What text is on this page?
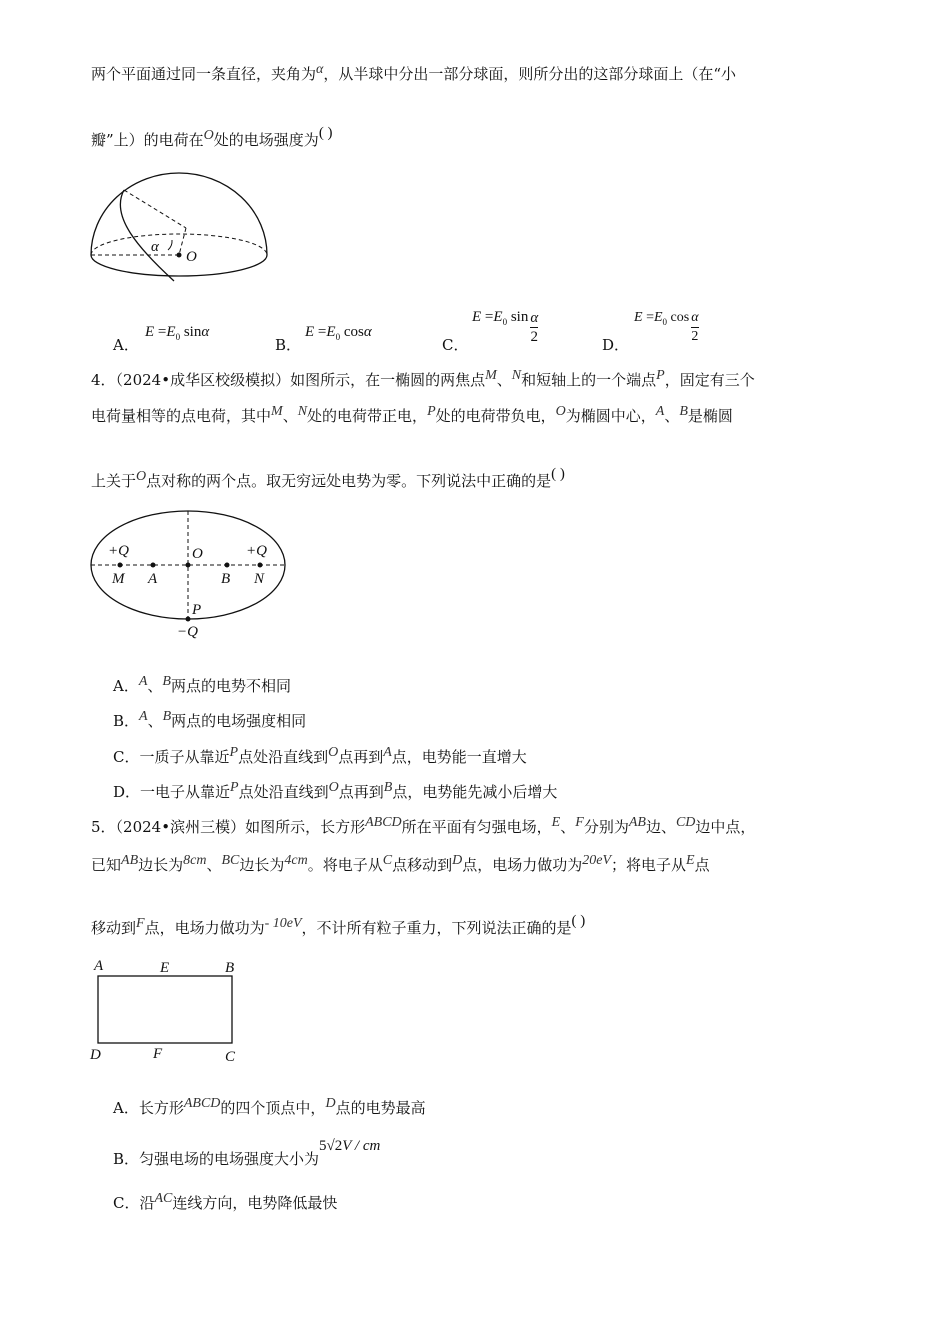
两个平面通过同一条直径，夹角为α，从半球中分出一部分球面，则所分出的这部分球面上（在“小
瓣”上）的电荷在O处的电场强度为( )
α
O
A．
$E =E_0$ sinα
B．
$E =E_0$ cosα
C．
$E =E_0$ $\sin \frac{\alpha}{2}$	D．
$E =E_0$ $\cos \frac{\alpha}{2}$
4．（2024•成华区校级模拟）如图所示，在一椭圆的两焦点M、N和短轴上的一个端点P，固定有三个
电荷量相等的点电荷，其中M、N处的电荷带正电，P处的电荷带负电，O为椭圆中心，A、B是椭圆
上关于O点对称的两个点。取无穷远处电势为零。下列说法中正确的是( )
+Q	+Q
O
M A	B N
P
−Q
A．A、B两点的电势不相同
B．A、B两点的电场强度相同
C．一质子从靠近P点处沿直线到O点再到A点，电势能一直增大
D．一电子从靠近P点处沿直线到O点再到B点，电势能先减小后增大
5．（2024•滨州三模）如图所示，长方形ABCD所在平面有匀强电场，E、F分别为AB边、CD边中点，
已知AB边长为8cm、BC边长为4cm。将电子从C点移动到D点，电场力做功为20eV；将电子从E点
移动到F点，电场力做功为- 10eV，不计所有粒子重力，下列说法正确的是( )
A	E	B
D	F	C
A．长方形ABCD的四个顶点中，D点的电势最高
B．匀强电场的电场强度大小为5√2V / cm
C．沿AC连线方向，电势降低最快
